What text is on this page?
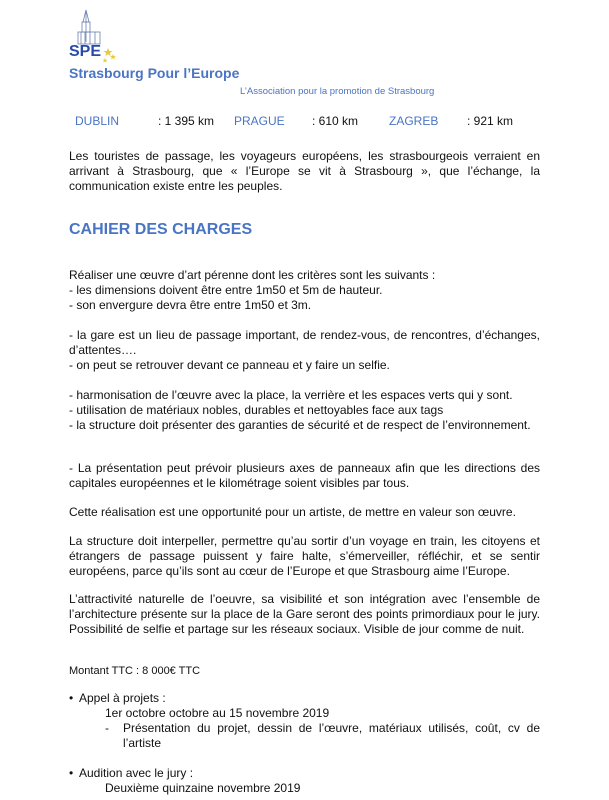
SPE
Strasbourg Pour l’Europe
L’Association pour la promotion de Strasbourg
DUBLIN	: 1 395 km PRAGUE : 610 km	ZAGREB : 921 km
Les touristes de passage, les voyageurs européens, les strasbourgeois verraient en arrivant à Strasbourg, que « l’Europe se vit à Strasbourg », que l’échange, la communication existe entre les peuples.
CAHIER DES CHARGES

Réaliser une œuvre d’art pérenne dont les critères sont les suivants :

- les dimensions doivent être entre 1m50 et 5m de hauteur.

- son envergure devra être entre 1m50 et 3m.

- la gare est un lieu de passage important, de rendez-vous, de rencontres, d’échanges, d’attentes….

- on peut se retrouver devant ce panneau et y faire un selfie.

- harmonisation de l’œuvre avec la place, la verrière et les espaces verts qui y sont.

- utilisation de matériaux nobles, durables et nettoyables face aux tags

- la structure doit présenter des garanties de sécurité et de respect de l’environnement.

- La présentation peut prévoir plusieurs axes de panneaux afin que les directions des capitales européennes et le kilométrage soient visibles par tous.
Cette réalisation est une opportunité pour un artiste, de mettre en valeur son œuvre.
La structure doit interpeller, permettre qu’au sortir d’un voyage en train, les citoyens et étrangers de passage puissent y faire halte, s’émerveiller, réfléchir, et se sentir européens, parce qu’ils sont au cœur de l’Europe et que Strasbourg aime l’Europe.
L’attractivité naturelle de l’oeuvre, sa visibilité et son intégration avec l’ensemble de l’architecture présente sur la place de la Gare seront des points primordiaux pour le jury. Possibilité de selfie et partage sur les réseaux sociaux. Visible de jour comme de nuit.
Montant TTC : 8 000€ TTC
• Appel à projets :
1er octobre octobre au 15 novembre 2019
- Présentation du projet, dessin de l’œuvre, matériaux utilisés, coût, cv de l’artiste
• Audition avec le jury :
Deuxième quinzaine novembre 2019
